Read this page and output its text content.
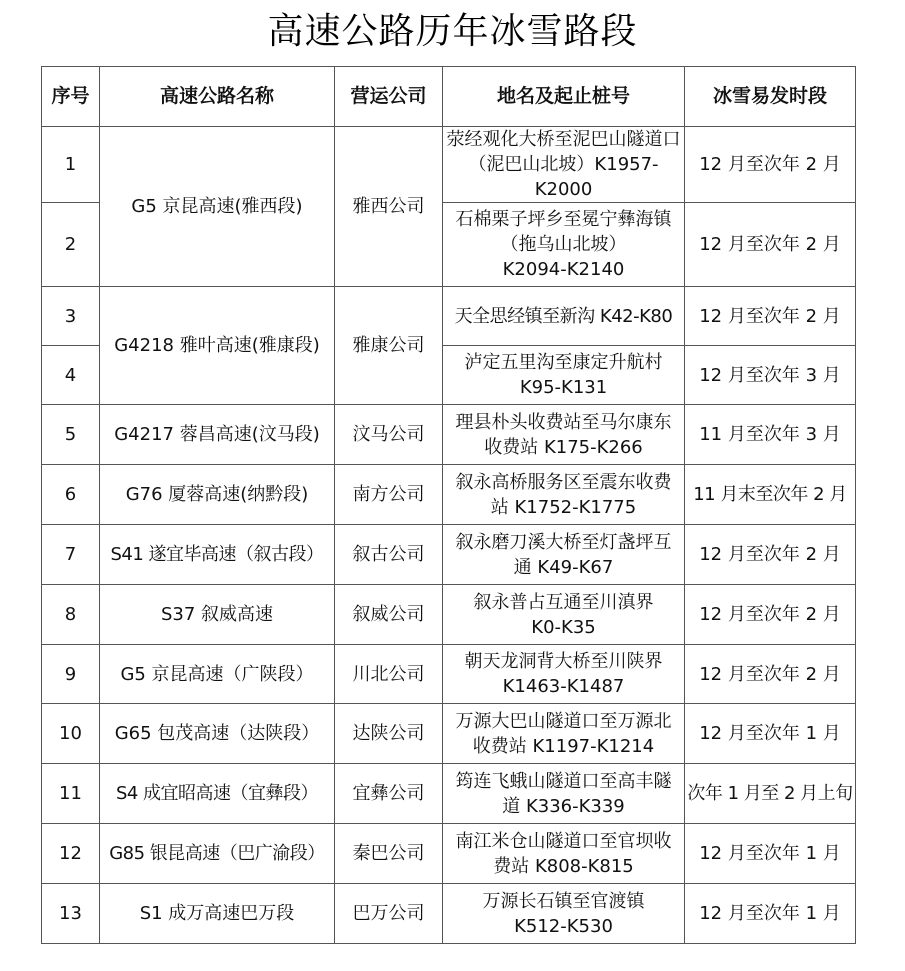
高速公路历年冰雪路段
序号	高速公路名称	营运公司	地名及起止桩号	冰雪易发时段
1	G5 京昆高速(雅西段)	雅西公司	荥经观化大桥至泥巴山隧道口
（泥巴山北坡）K1957-K2000	12 月至次年 2 月
2			石棉栗子坪乡至冕宁彝海镇
（拖乌山北坡）
K2094-K2140	12 月至次年 2 月
3	G4218 雅叶高速(雅康段)	雅康公司	天全思经镇至新沟 K42-K80	12 月至次年 2 月
4			泸定五里沟至康定升航村
K95-K131	12 月至次年 3 月
5	G4217 蓉昌高速(汶马段)	汶马公司	理县朴头收费站至马尔康东
收费站 K175-K266	11 月至次年 3 月
6	G76 厦蓉高速(纳黔段)	南方公司	叙永高桥服务区至震东收费
站 K1752-K1775	11 月末至次年 2 月
7	S41 遂宜毕高速（叙古段）	叙古公司	叙永磨刀溪大桥至灯盏坪互
通 K49-K67	12 月至次年 2 月
8	S37 叙威高速	叙威公司	叙永普占互通至川滇界
K0-K35	12 月至次年 2 月
9	G5 京昆高速（广陕段）	川北公司	朝天龙洞背大桥至川陕界
K1463-K1487	12 月至次年 2 月
10	G65 包茂高速（达陕段）	达陕公司	万源大巴山隧道口至万源北
收费站 K1197-K1214	12 月至次年 1 月
11	S4 成宜昭高速（宜彝段）	宜彝公司	筠连飞蛾山隧道口至高丰隧
道 K336-K339	次年 1 月至 2 月上旬
12	G85 银昆高速（巴广渝段）	秦巴公司	南江米仓山隧道口至官坝收
费站 K808-K815	12 月至次年 1 月
13	S1 成万高速巴万段	巴万公司	万源长石镇至官渡镇
K512-K530	12 月至次年 1 月
